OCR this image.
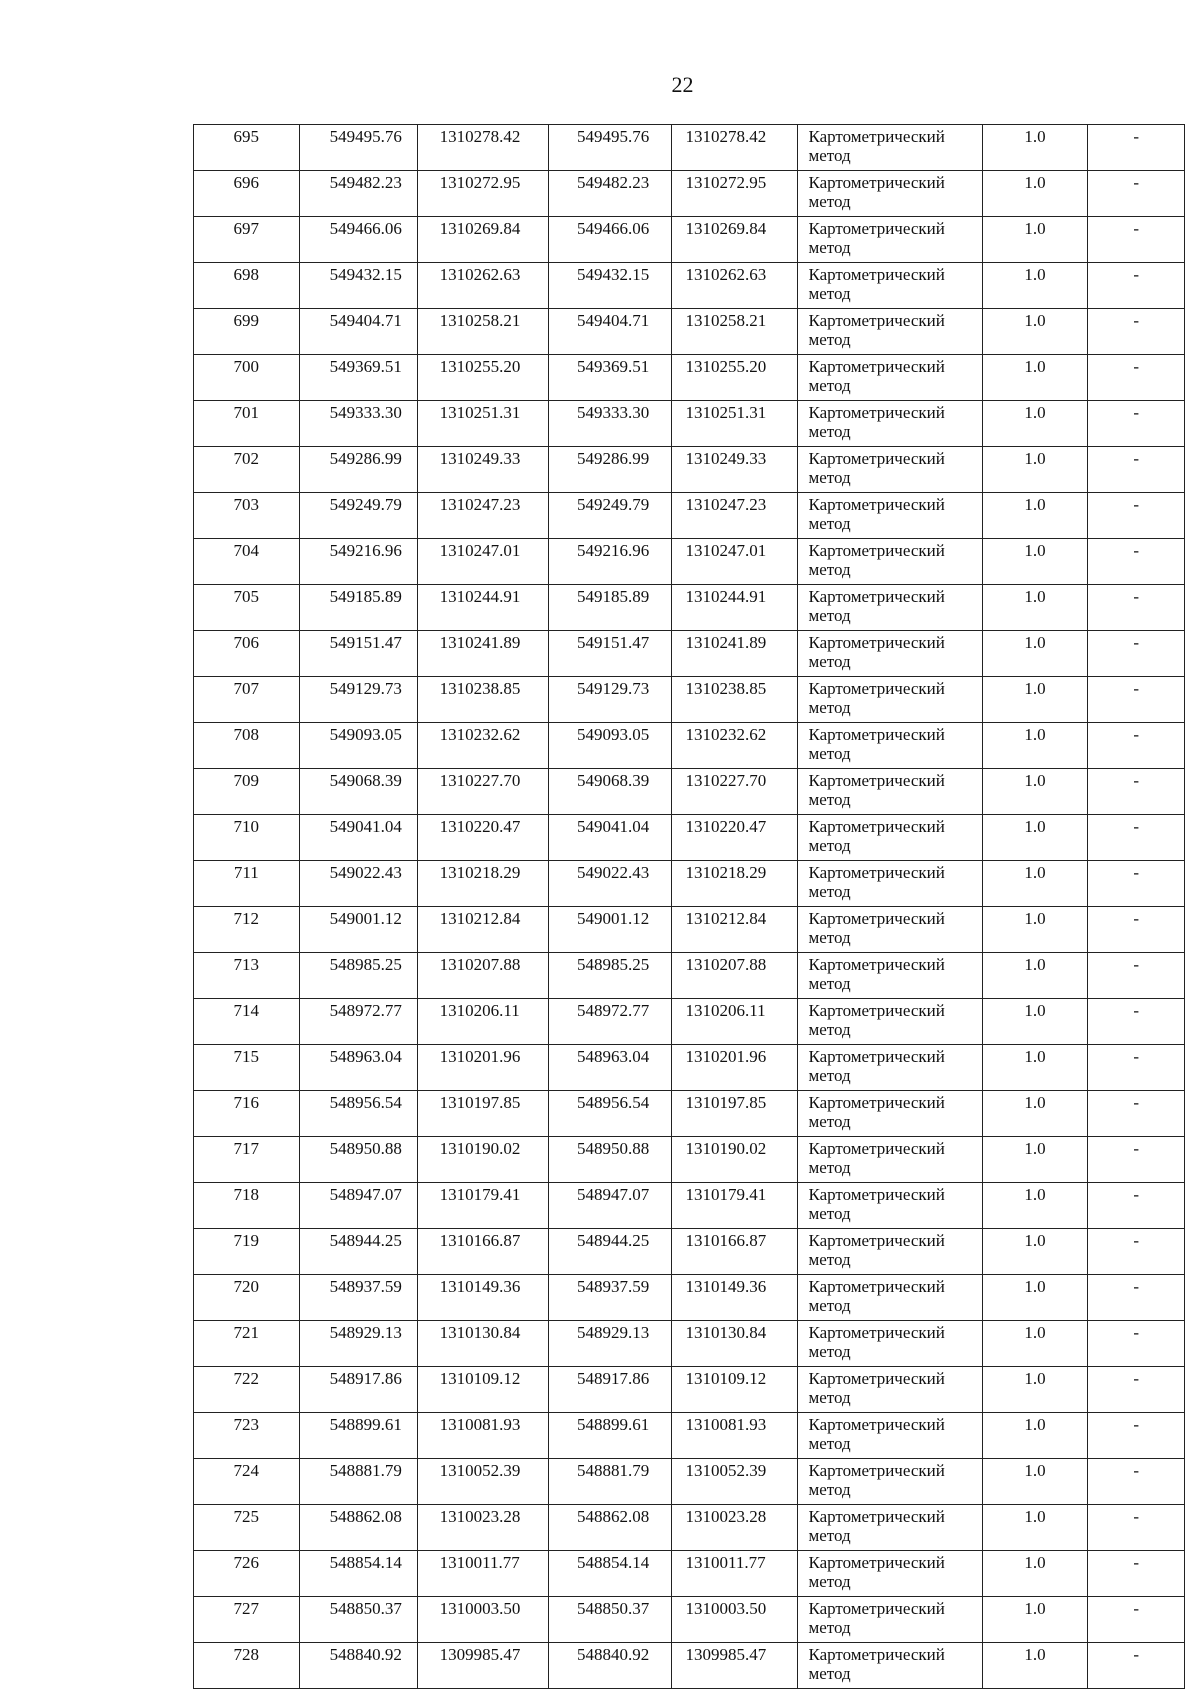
22
695	549495.76	1310278.42	549495.76	1310278.42	Картометрический метод	1.0	-
696	549482.23	1310272.95	549482.23	1310272.95	Картометрический метод	1.0	-
697	549466.06	1310269.84	549466.06	1310269.84	Картометрический метод	1.0	-
698	549432.15	1310262.63	549432.15	1310262.63	Картометрический метод	1.0	-
699	549404.71	1310258.21	549404.71	1310258.21	Картометрический метод	1.0	-
700	549369.51	1310255.20	549369.51	1310255.20	Картометрический метод	1.0	-
701	549333.30	1310251.31	549333.30	1310251.31	Картометрический метод	1.0	-
702	549286.99	1310249.33	549286.99	1310249.33	Картометрический метод	1.0	-
703	549249.79	1310247.23	549249.79	1310247.23	Картометрический метод	1.0	-
704	549216.96	1310247.01	549216.96	1310247.01	Картометрический метод	1.0	-
705	549185.89	1310244.91	549185.89	1310244.91	Картометрический метод	1.0	-
706	549151.47	1310241.89	549151.47	1310241.89	Картометрический метод	1.0	-
707	549129.73	1310238.85	549129.73	1310238.85	Картометрический метод	1.0	-
708	549093.05	1310232.62	549093.05	1310232.62	Картометрический метод	1.0	-
709	549068.39	1310227.70	549068.39	1310227.70	Картометрический метод	1.0	-
710	549041.04	1310220.47	549041.04	1310220.47	Картометрический метод	1.0	-
711	549022.43	1310218.29	549022.43	1310218.29	Картометрический метод	1.0	-
712	549001.12	1310212.84	549001.12	1310212.84	Картометрический метод	1.0	-
713	548985.25	1310207.88	548985.25	1310207.88	Картометрический метод	1.0	-
714	548972.77	1310206.11	548972.77	1310206.11	Картометрический метод	1.0	-
715	548963.04	1310201.96	548963.04	1310201.96	Картометрический метод	1.0	-
716	548956.54	1310197.85	548956.54	1310197.85	Картометрический метод	1.0	-
717	548950.88	1310190.02	548950.88	1310190.02	Картометрический метод	1.0	-
718	548947.07	1310179.41	548947.07	1310179.41	Картометрический метод	1.0	-
719	548944.25	1310166.87	548944.25	1310166.87	Картометрический метод	1.0	-
720	548937.59	1310149.36	548937.59	1310149.36	Картометрический метод	1.0	-
721	548929.13	1310130.84	548929.13	1310130.84	Картометрический метод	1.0	-
722	548917.86	1310109.12	548917.86	1310109.12	Картометрический метод	1.0	-
723	548899.61	1310081.93	548899.61	1310081.93	Картометрический метод	1.0	-
724	548881.79	1310052.39	548881.79	1310052.39	Картометрический метод	1.0	-
725	548862.08	1310023.28	548862.08	1310023.28	Картометрический метод	1.0	-
726	548854.14	1310011.77	548854.14	1310011.77	Картометрический метод	1.0	-
727	548850.37	1310003.50	548850.37	1310003.50	Картометрический метод	1.0	-
728	548840.92	1309985.47	548840.92	1309985.47	Картометрический метод	1.0	-
